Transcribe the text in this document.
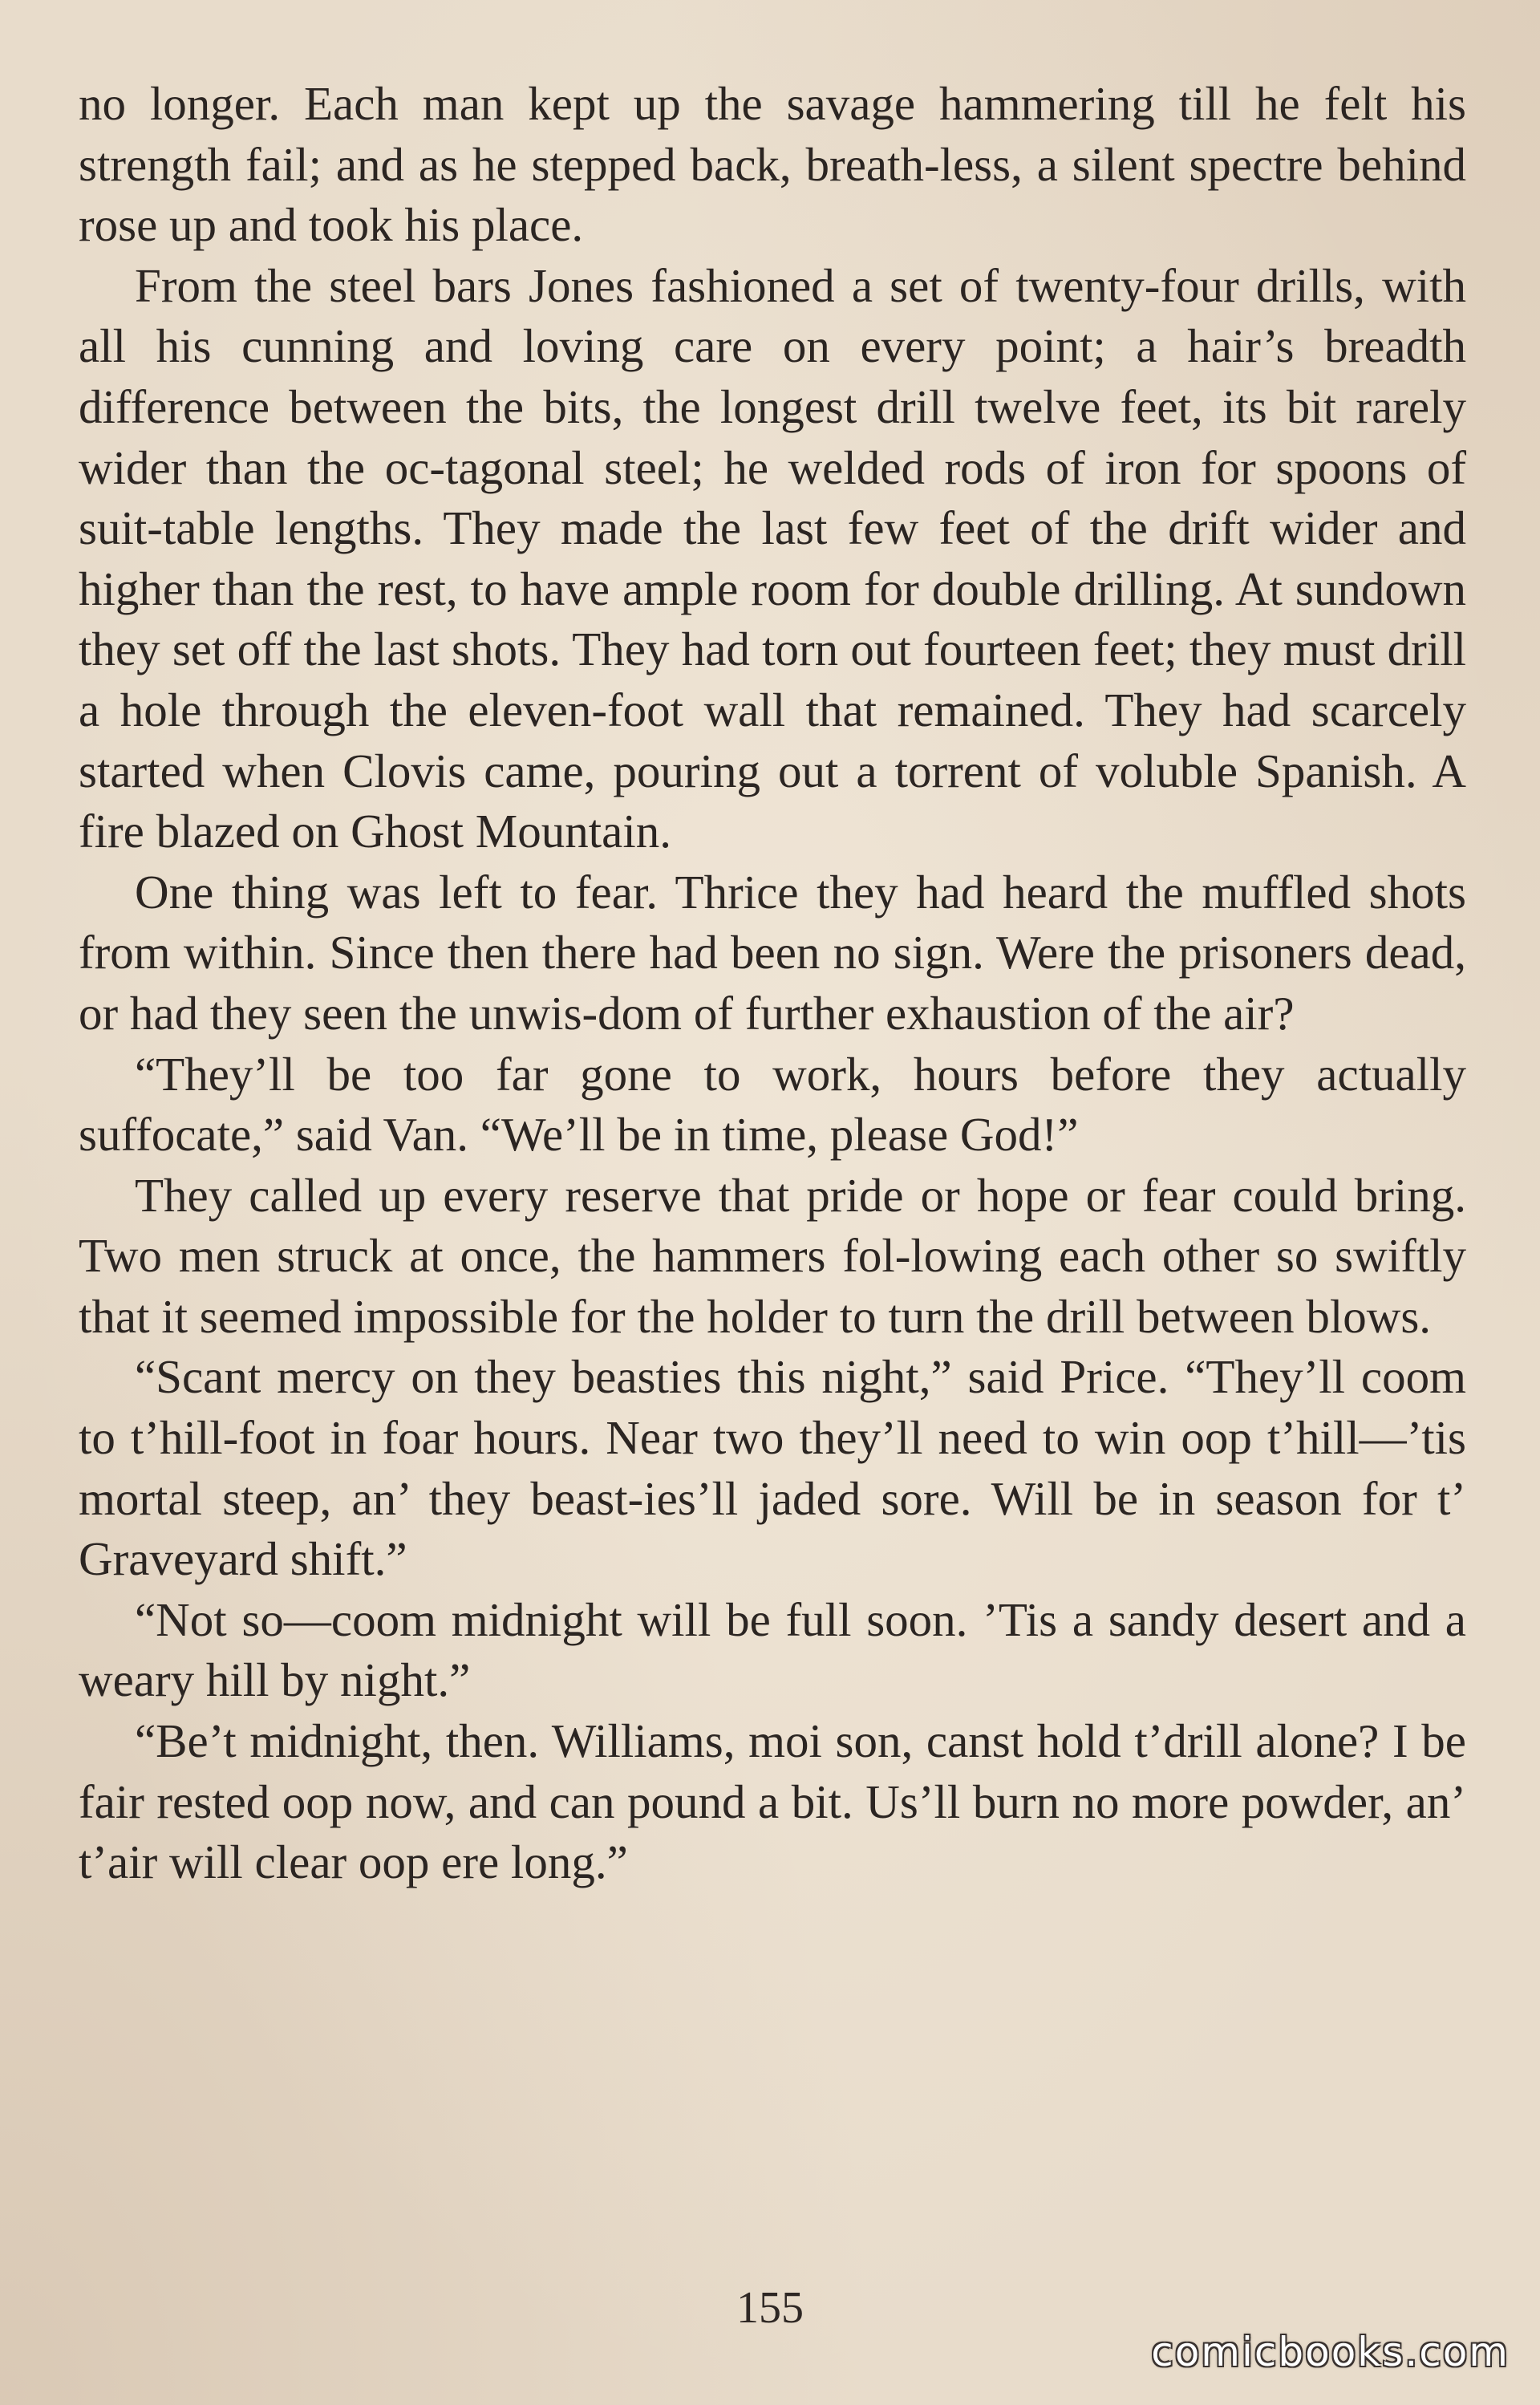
no longer. Each man kept up the savage hammering till he felt his strength fail; and as he stepped back, breath-less, a silent spectre behind rose up and took his place.

From the steel bars Jones fashioned a set of twenty-four drills, with all his cunning and loving care on every point; a hair’s breadth difference between the bits, the longest drill twelve feet, its bit rarely wider than the oc-tagonal steel; he welded rods of iron for spoons of suit-table lengths. They made the last few feet of the drift wider and higher than the rest, to have ample room for double drilling. At sundown they set off the last shots. They had torn out fourteen feet; they must drill a hole through the eleven-foot wall that remained. They had scarcely started when Clovis came, pouring out a torrent of voluble Spanish. A fire blazed on Ghost Mountain.

One thing was left to fear. Thrice they had heard the muffled shots from within. Since then there had been no sign. Were the prisoners dead, or had they seen the unwis-dom of further exhaustion of the air?

“They’ll be too far gone to work, hours before they actually suffocate,” said Van. “We’ll be in time, please God!”

They called up every reserve that pride or hope or fear could bring. Two men struck at once, the hammers fol-lowing each other so swiftly that it seemed impossible for the holder to turn the drill between blows.

“Scant mercy on they beasties this night,” said Price. “They’ll coom to t’hill-foot in foar hours. Near two they’ll need to win oop t’hill—’tis mortal steep, an’ they beast-ies’ll jaded sore. Will be in season for t’ Graveyard shift.”

“Not so—coom midnight will be full soon. ’Tis a sandy desert and a weary hill by night.”

“Be’t midnight, then. Williams, moi son, canst hold t’drill alone? I be fair rested oop now, and can pound a bit. Us’ll burn no more powder, an’ t’air will clear oop ere long.”

155
comicbooks.com
